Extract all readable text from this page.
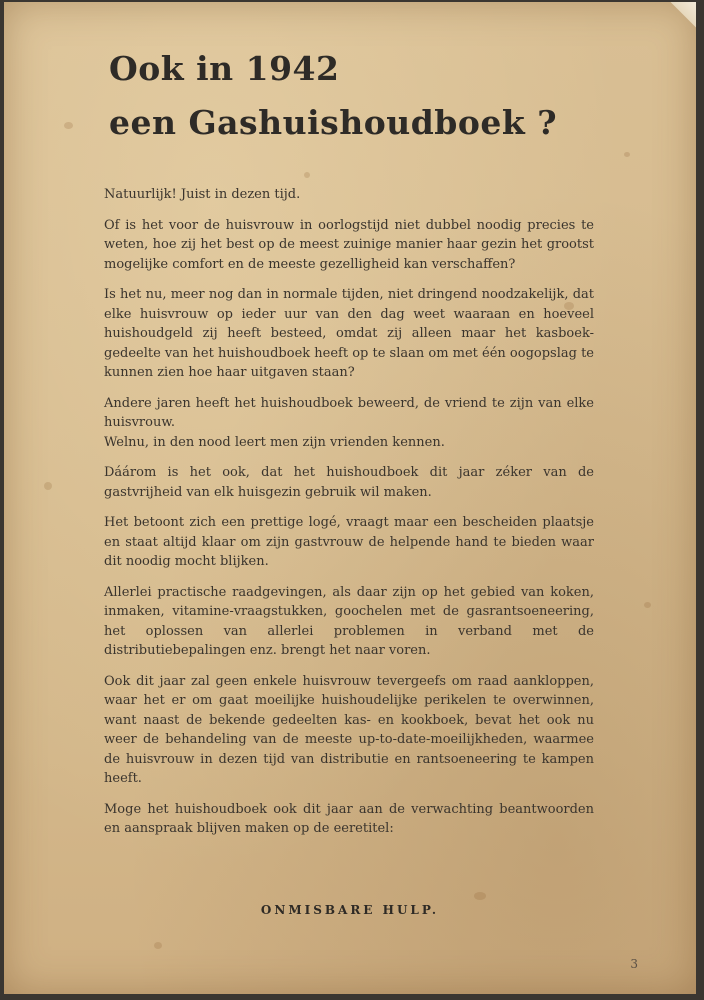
Ook in 1942
een Gashuishoudboek ?

Natuurlijk! Juist in dezen tijd.

Of is het voor de huisvrouw in oorlogstijd niet dubbel noodig precies te weten, hoe zij het best op de meest zuinige manier haar gezin het grootst mogelijke comfort en de meeste gezelligheid kan verschaffen?

Is het nu, meer nog dan in normale tijden, niet dringend noodzakelijk, dat elke huisvrouw op ieder uur van den dag weet waaraan en hoeveel huishoudgeld zij heeft besteed, omdat zij alleen maar het kasboek-gedeelte van het huishoudboek heeft op te slaan om met één oogopslag te kunnen zien hoe haar uitgaven staan?

Andere jaren heeft het huishoudboek beweerd, de vriend te zijn van elke huisvrouw.
Welnu, in den nood leert men zijn vrienden kennen.

Dáárom is het ook, dat het huishoudboek dit jaar zéker van de gastvrijheid van elk huisgezin gebruik wil maken.

Het betoont zich een prettige logé, vraagt maar een bescheiden plaatsje en staat altijd klaar om zijn gastvrouw de helpende hand te bieden waar dit noodig mocht blijken.

Allerlei practische raadgevingen, als daar zijn op het gebied van koken, inmaken, vitamine-vraagstukken, goochelen met de gasrantsoeneering, het oplossen van allerlei problemen in verband met de distributiebepalingen enz. brengt het naar voren.

Ook dit jaar zal geen enkele huisvrouw tevergeefs om raad aankloppen, waar het er om gaat moeilijke huishoudelijke perikelen te overwinnen, want naast de bekende gedeelten kas- en kookboek, bevat het ook nu weer de behandeling van de meeste up-to-date-moeilijkheden, waarmee de huisvrouw in dezen tijd van distributie en rantsoeneering te kampen heeft.

Moge het huishoudboek ook dit jaar aan de verwachting beantwoorden en aanspraak blijven maken op de eeretitel:

ONMISBARE HULP.
3
